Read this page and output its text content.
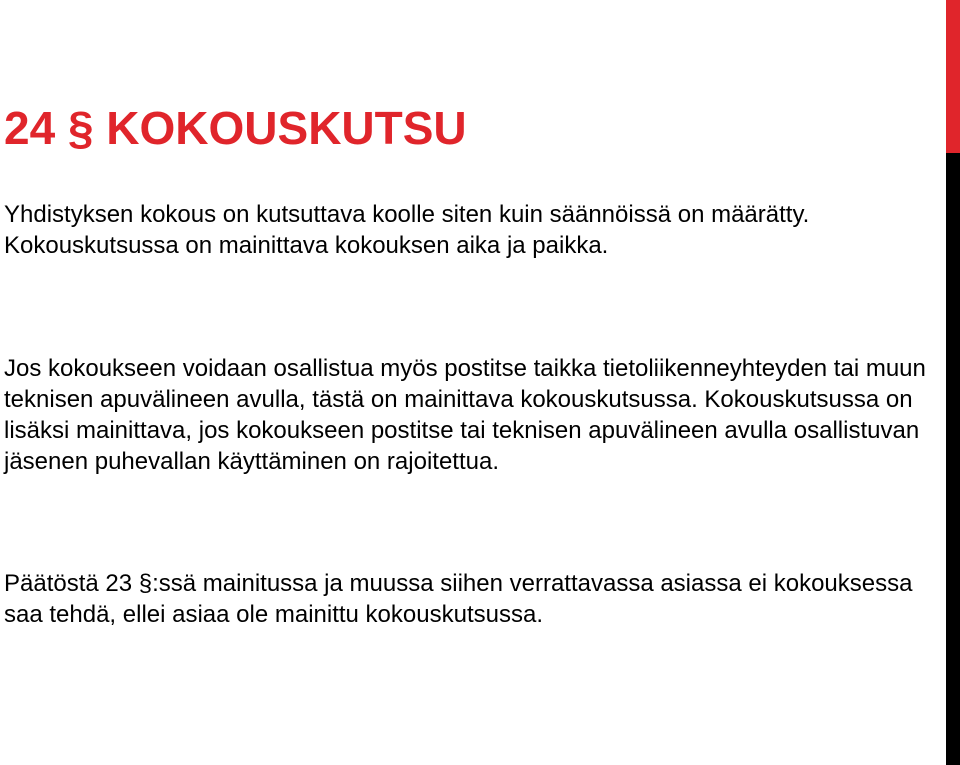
24 § KOKOUSKUTSU

Yhdistyksen kokous on kutsuttava koolle siten kuin säännöissä on määrätty. Kokouskutsussa on mainittava kokouksen aika ja paikka.

Jos kokoukseen voidaan osallistua myös postitse taikka tietoliikenneyhteyden tai muun teknisen apuvälineen avulla, tästä on mainittava kokouskutsussa. Kokouskutsussa on lisäksi mainittava, jos kokoukseen postitse tai teknisen apuvälineen avulla osallistuvan jäsenen puhevallan käyttäminen on rajoitettua.

Päätöstä 23 §:ssä mainitussa ja muussa siihen verrattavassa asiassa ei kokouksessa saa tehdä, ellei asiaa ole mainittu kokouskutsussa.
